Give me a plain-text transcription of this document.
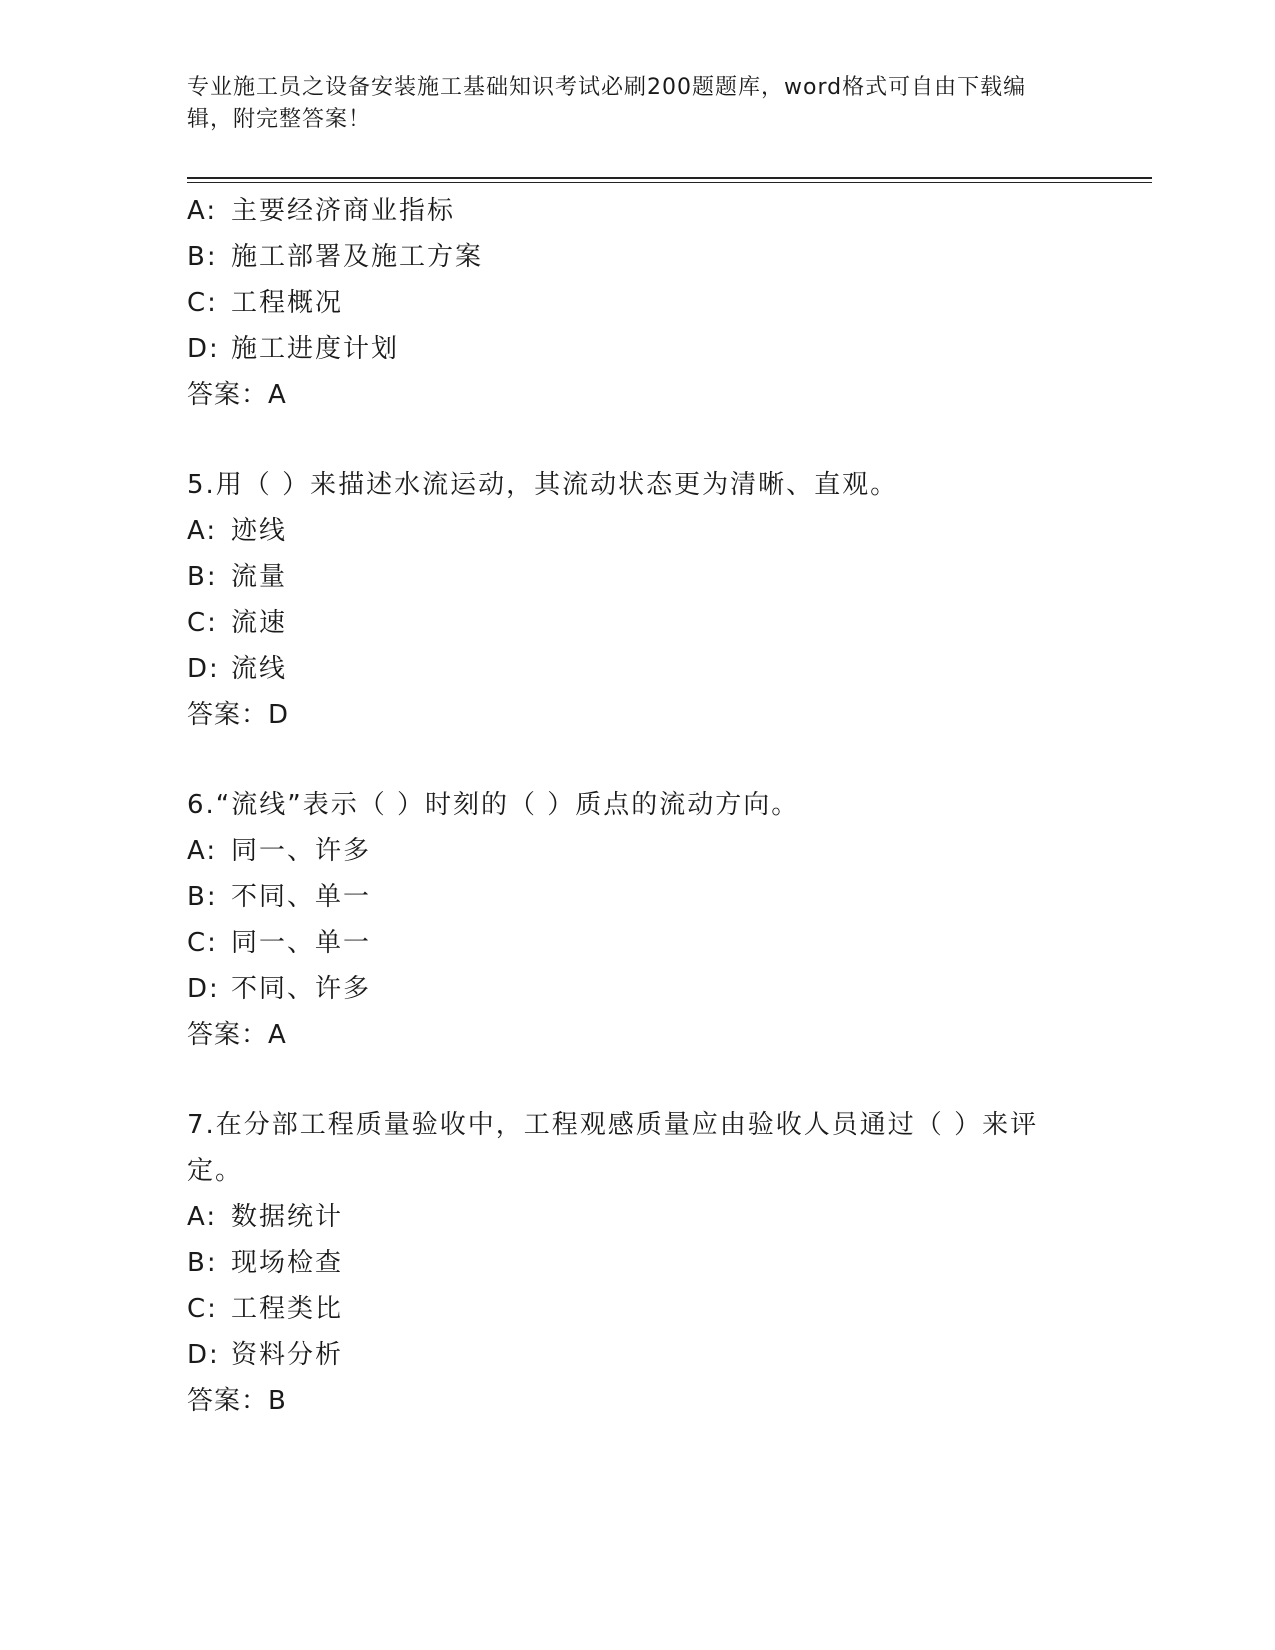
专业施工员之设备安装施工基础知识考试必刷200题题库，word格式可自由下载编辑，附完整答案！
A: 主要经济商业指标
B: 施工部署及施工方案
C: 工程概况
D: 施工进度计划
答案：A
5.用（ ）来描述水流运动，其流动状态更为清晰、直观。
A: 迹线
B: 流量
C: 流速
D: 流线
答案：D
6.“流线”表示（ ）时刻的（ ）质点的流动方向。
A: 同一、许多
B: 不同、单一
C: 同一、单一
D: 不同、许多
答案：A
7.在分部工程质量验收中，工程观感质量应由验收人员通过（ ）来评定。
A: 数据统计
B: 现场检查
C: 工程类比
D: 资料分析
答案：B
